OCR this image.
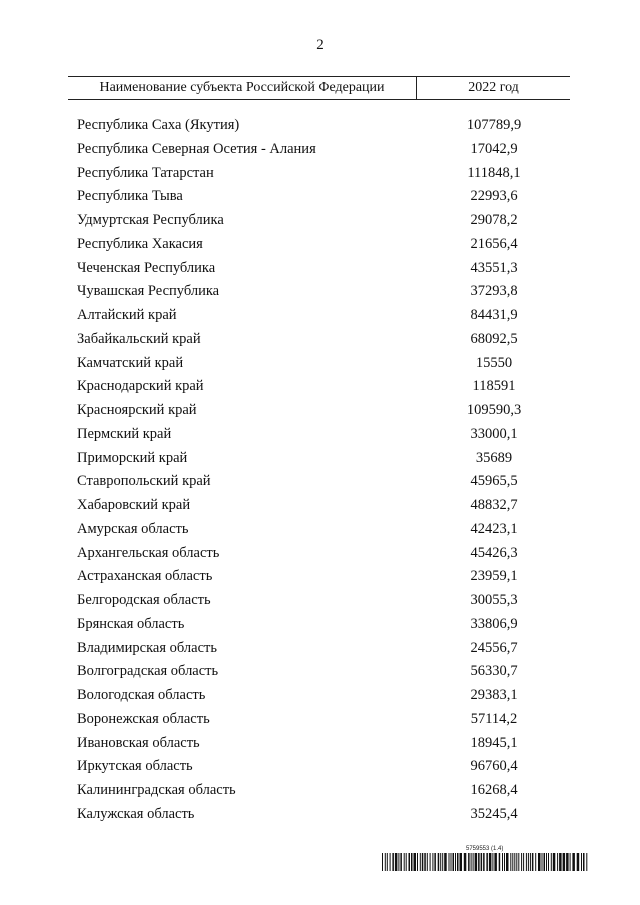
2
Наименование субъекта Российской Федерации	2022 год
Республика Саха (Якутия)	107789,9
Республика Северная Осетия - Алания	17042,9
Республика Татарстан	111848,1
Республика Тыва	22993,6
Удмуртская Республика	29078,2
Республика Хакасия	21656,4
Чеченская Республика	43551,3
Чувашская Республика	37293,8
Алтайский край	84431,9
Забайкальский край	68092,5
Камчатский край	15550
Краснодарский край	118591
Красноярский край	109590,3
Пермский край	33000,1
Приморский край	35689
Ставропольский край	45965,5
Хабаровский край	48832,7
Амурская область	42423,1
Архангельская область	45426,3
Астраханская область	23959,1
Белгородская область	30055,3
Брянская область	33806,9
Владимирская область	24556,7
Волгоградская область	56330,7
Вологодская область	29383,1
Воронежская область	57114,2
Ивановская область	18945,1
Иркутская область	96760,4
Калининградская область	16268,4
Калужская область	35245,4
5759553 (1.4)
